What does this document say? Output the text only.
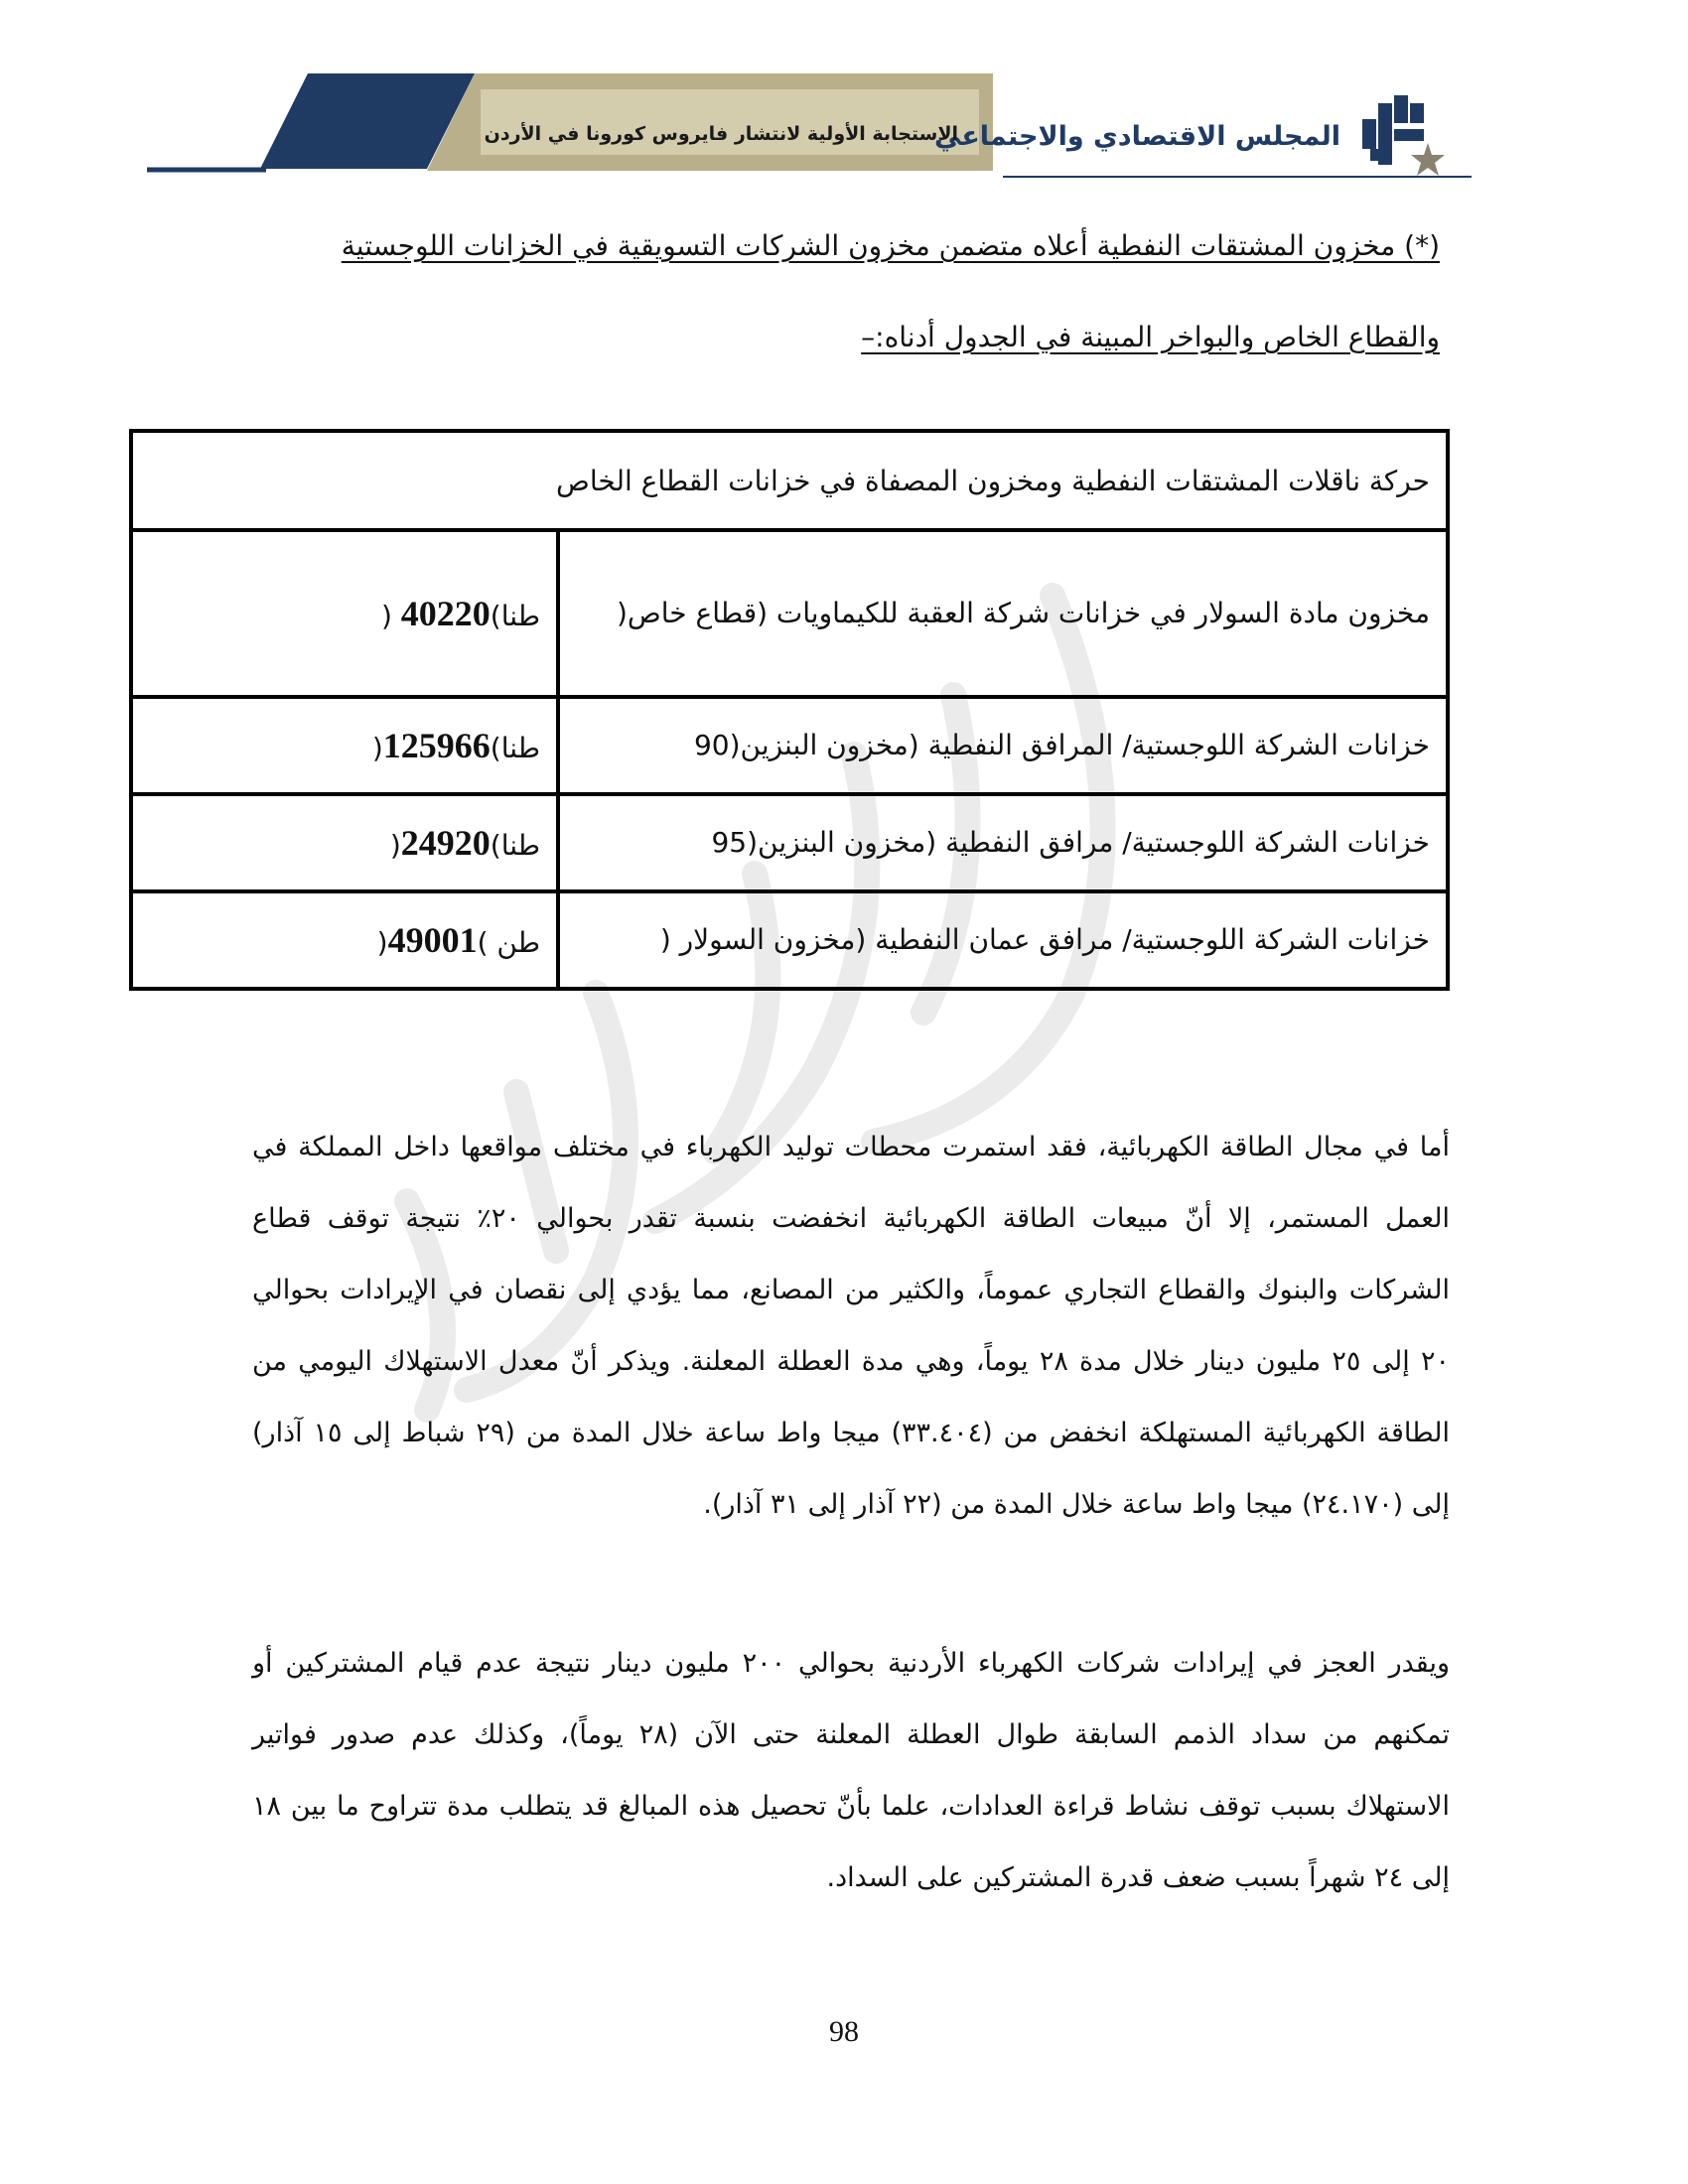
المجلس الاقتصادي والاجتماعي
الاستجابة الأولية لانتشار فايروس كورونا في الأردن
(*) مخزون المشتقات النفطية أعلاه متضمن مخزون الشركات التسويقية في الخزانات اللوجستية
والقطاع الخاص والبواخر المبينة في الجدول أدناه:–
حركة ناقلات المشتقات النفطية ومخزون المصفاة في خزانات القطاع الخاص	
مخزون مادة السولار في خزانات شركة العقبة للكيماويات (قطاع خاص(	طنا)40220 (
خزانات الشركة اللوجستية/ المرافق النفطية (مخزون البنزين(90	طنا)125966(
خزانات الشركة اللوجستية/ مرافق النفطية (مخزون البنزين(95	طنا)24920(
خزانات الشركة اللوجستية/ مرافق عمان النفطية (مخزون السولار (	طن )49001(

أما في مجال الطاقة الكهربائية، فقد استمرت محطات توليد الكهرباء في مختلف مواقعها داخل المملكة في العمل المستمر، إلا أنّ مبيعات الطاقة الكهربائية انخفضت بنسبة تقدر بحوالي ٢٠٪ نتيجة توقف قطاع الشركات والبنوك والقطاع التجاري عموماً، والكثير من المصانع، مما يؤدي إلى نقصان في الإيرادات بحوالي ٢٠ إلى ٢٥ مليون دينار خلال مدة ٢٨ يوماً، وهي مدة العطلة المعلنة. ويذكر أنّ معدل الاستهلاك اليومي من الطاقة الكهربائية المستهلكة انخفض من (٣٣.٤٠٤) ميجا واط ساعة خلال المدة من (٢٩ شباط إلى ١٥ آذار) إلى (٢٤.١٧٠) ميجا واط ساعة خلال المدة من (٢٢ آذار إلى ٣١ آذار).

ويقدر العجز في إيرادات شركات الكهرباء الأردنية بحوالي ٢٠٠ مليون دينار نتيجة عدم قيام المشتركين أو تمكنهم من سداد الذمم السابقة طوال العطلة المعلنة حتى الآن (٢٨ يوماً)، وكذلك عدم صدور فواتير الاستهلاك بسبب توقف نشاط قراءة العدادات، علما بأنّ تحصيل هذه المبالغ قد يتطلب مدة تتراوح ما بين ١٨ إلى ٢٤ شهراً بسبب ضعف قدرة المشتركين على السداد.

98
